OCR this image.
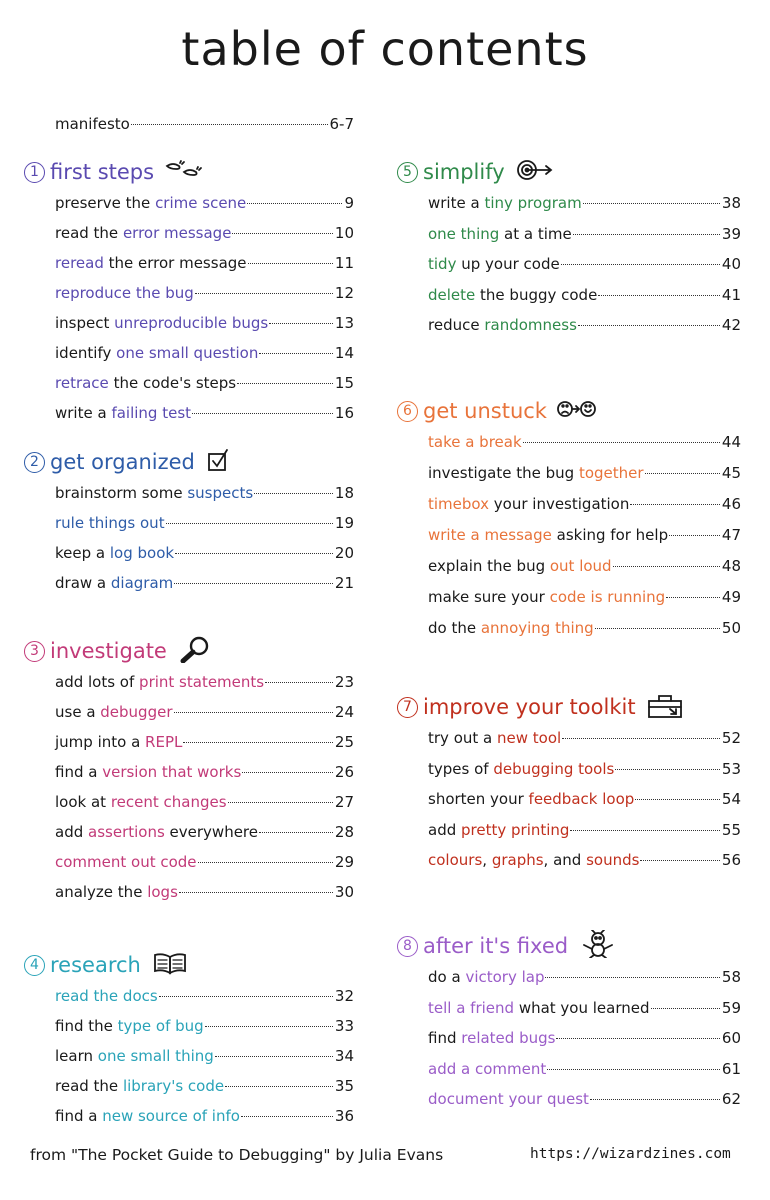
table of contents
manifesto	6-7
1 first steps
preserve the crime scene	9
read the error message	10
reread the error message	11
reproduce the bug	12
inspect unreproducible bugs	13
identify one small question	14
retrace the code's steps	15
write a failing test	16
2 get organized
brainstorm some suspects	18
rule things out	19
keep a log book	20
draw a diagram	21
3 investigate
add lots of print statements	23
use a debugger	24
jump into a REPL	25
find a version that works	26
look at recent changes	27
add assertions everywhere	28
comment out code	29
analyze the logs	30
4 research
read the docs	32
find the type of bug	33
learn one small thing	34
read the library's code	35
find a new source of info	36
5 simplify
write a tiny program	38
one thing at a time	39
tidy up your code	40
delete the buggy code	41
reduce randomness	42
6 get unstuck
take a break	44
investigate the bug together	45
timebox your investigation	46
write a message asking for help	47
explain the bug out loud	48
make sure your code is running	49
do the annoying thing	50
7 improve your toolkit
try out a new tool	52
types of debugging tools	53
shorten your feedback loop	54
add pretty printing	55
colours, graphs, and sounds	56
8 after it's fixed
do a victory lap	58
tell a friend what you learned	59
find related bugs	60
add a comment	61
document your quest	62
from "The Pocket Guide to Debugging" by Julia Evans	https://wizardzines.com
